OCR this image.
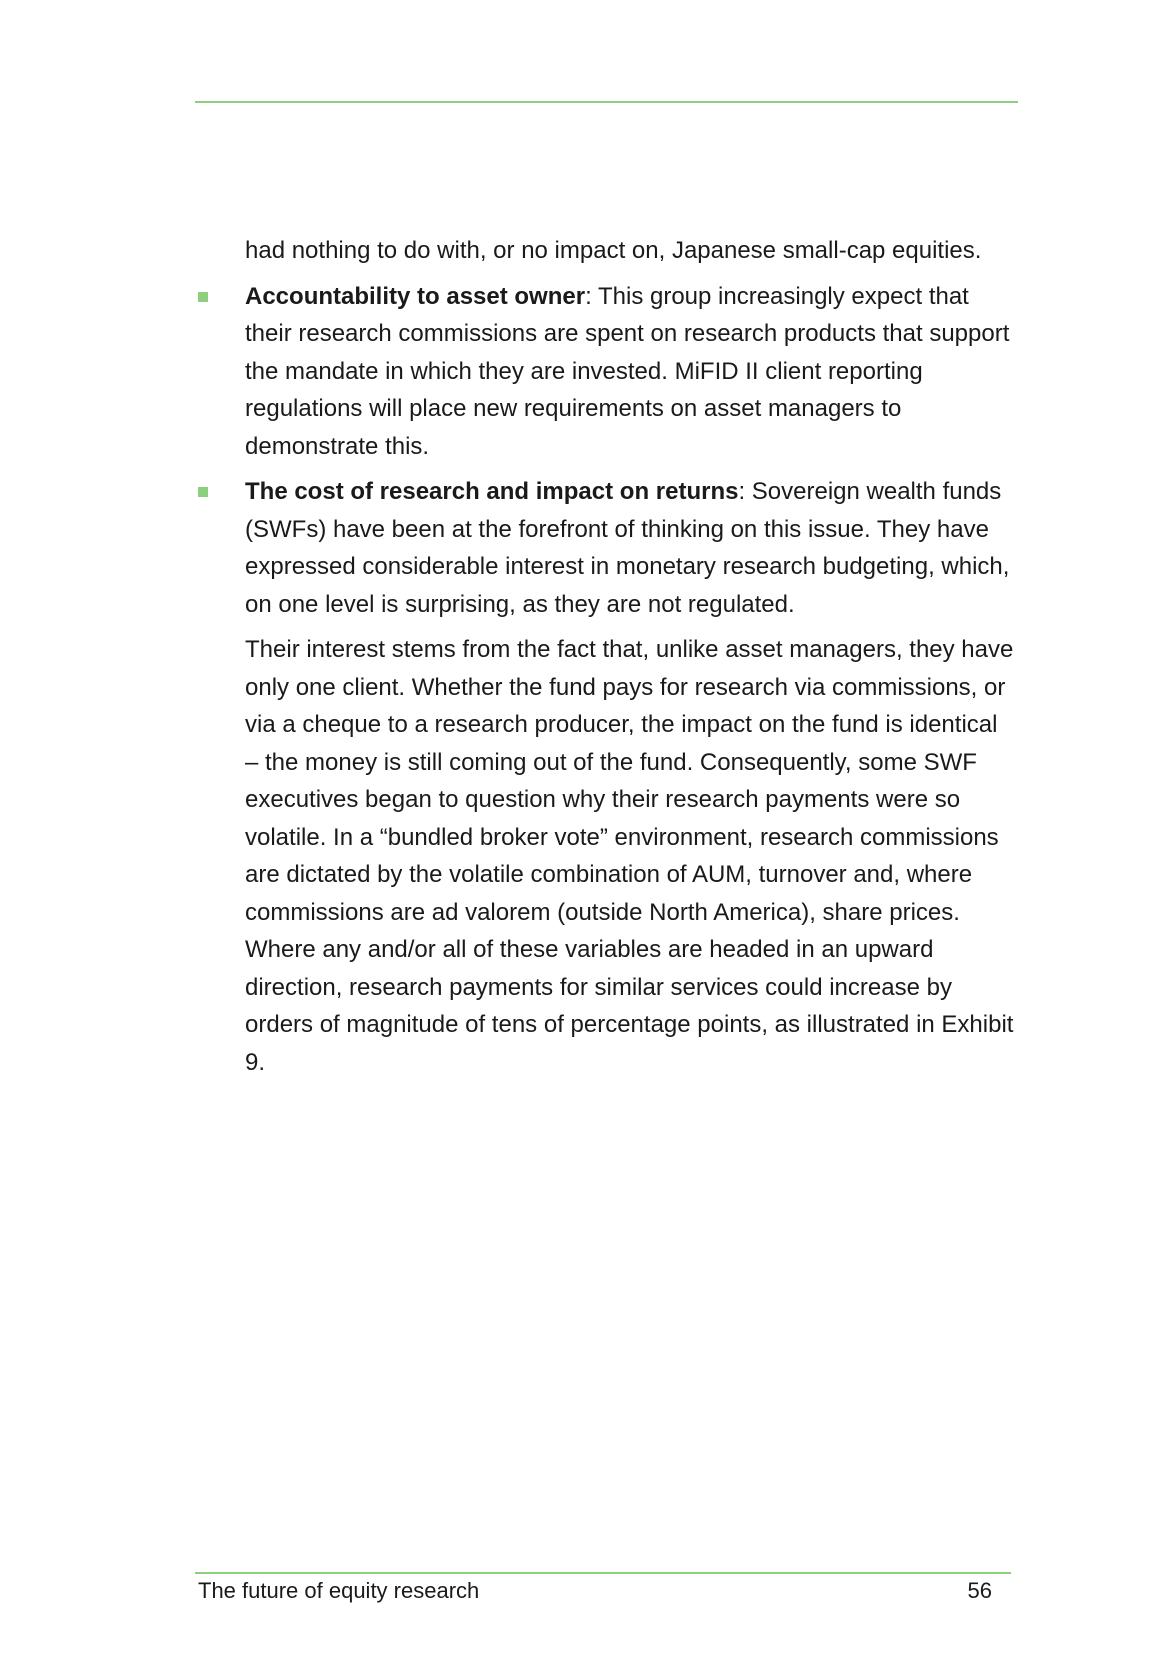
had nothing to do with, or no impact on, Japanese small-cap equities.

Accountability to asset owner: This group increasingly expect that their research commissions are spent on research products that support the mandate in which they are invested. MiFID II client reporting regulations will place new requirements on asset managers to demonstrate this.
The cost of research and impact on returns: Sovereign wealth funds (SWFs) have been at the forefront of thinking on this issue. They have expressed considerable interest in monetary research budgeting, which, on one level is surprising, as they are not regulated.

Their interest stems from the fact that, unlike asset managers, they have only one client. Whether the fund pays for research via commissions, or via a cheque to a research producer, the impact on the fund is identical – the money is still coming out of the fund. Consequently, some SWF executives began to question why their research payments were so volatile. In a “bundled broker vote” environment, research commissions are dictated by the volatile combination of AUM, turnover and, where commissions are ad valorem (outside North America), share prices. Where any and/or all of these variables are headed in an upward direction, research payments for similar services could increase by orders of magnitude of tens of percentage points, as illustrated in Exhibit 9.

The future of equity research	56
